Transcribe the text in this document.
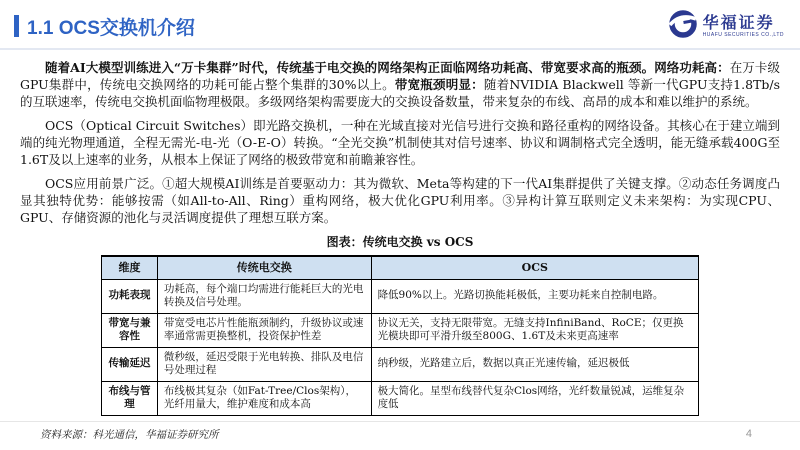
1.1 OCS交换机介绍	华福证券
HUAFU SECURITIES CO.,LTD

随着AI大模型训练进入“万卡集群”时代，传统基于电交换的网络架构正面临网络功耗高、带宽要求高的瓶颈。网络功耗高：在万卡级GPU集群中，传统电交换网络的功耗可能占整个集群的30%以上。带宽瓶颈明显：随着NVIDIA Blackwell 等新一代GPU支持1.8Tb/s的互联速率，传统电交换机面临物理极限。多级网络架构需要庞大的交换设备数量，带来复杂的布线、高昂的成本和难以维护的系统。

OCS（Optical Circuit Switches）即光路交换机，一种在光域直接对光信号进行交换和路径重构的网络设备。其核心在于建立端到端的纯光物理通道，全程无需光-电-光（O-E-O）转换。“全光交换”机制使其对信号速率、协议和调制格式完全透明，能无缝承载400G至1.6T及以上速率的业务，从根本上保证了网络的极致带宽和前瞻兼容性。

OCS应用前景广泛。①超大规模AI训练是首要驱动力：其为微软、Meta等构建的下一代AI集群提供了关键支撑。②动态任务调度凸显其独特优势：能够按需（如All-to-All、Ring）重构网络，极大优化GPU利用率。③异构计算互联则定义未来架构：为实现CPU、GPU、存储资源的池化与灵活调度提供了理想互联方案。

图表：传统电交换 vs OCS
维度	传统电交换	OCS
功耗表现	功耗高，每个端口均需进行能耗巨大的光电转换及信号处理。	降低90%以上。光路切换能耗极低，主要功耗来自控制电路。
带宽与兼容性	带宽受电芯片性能瓶颈制约，升级协议或速率通常需更换整机，投资保护性差	协议无关，支持无限带宽。无缝支持InfiniBand、RoCE；仅更换光模块即可平滑升级至800G、1.6T及未来更高速率
传输延迟	微秒级，延迟受限于光电转换、排队及电信号处理过程	纳秒级，光路建立后，数据以真正光速传输，延迟极低
布线与管理	布线极其复杂（如Fat-Tree/Clos架构），光纤用量大，维护难度和成本高	极大简化。星型布线替代复杂Clos网络，光纤数量锐减，运维复杂度低
资料来源：科光通信，华福证券研究所	4
